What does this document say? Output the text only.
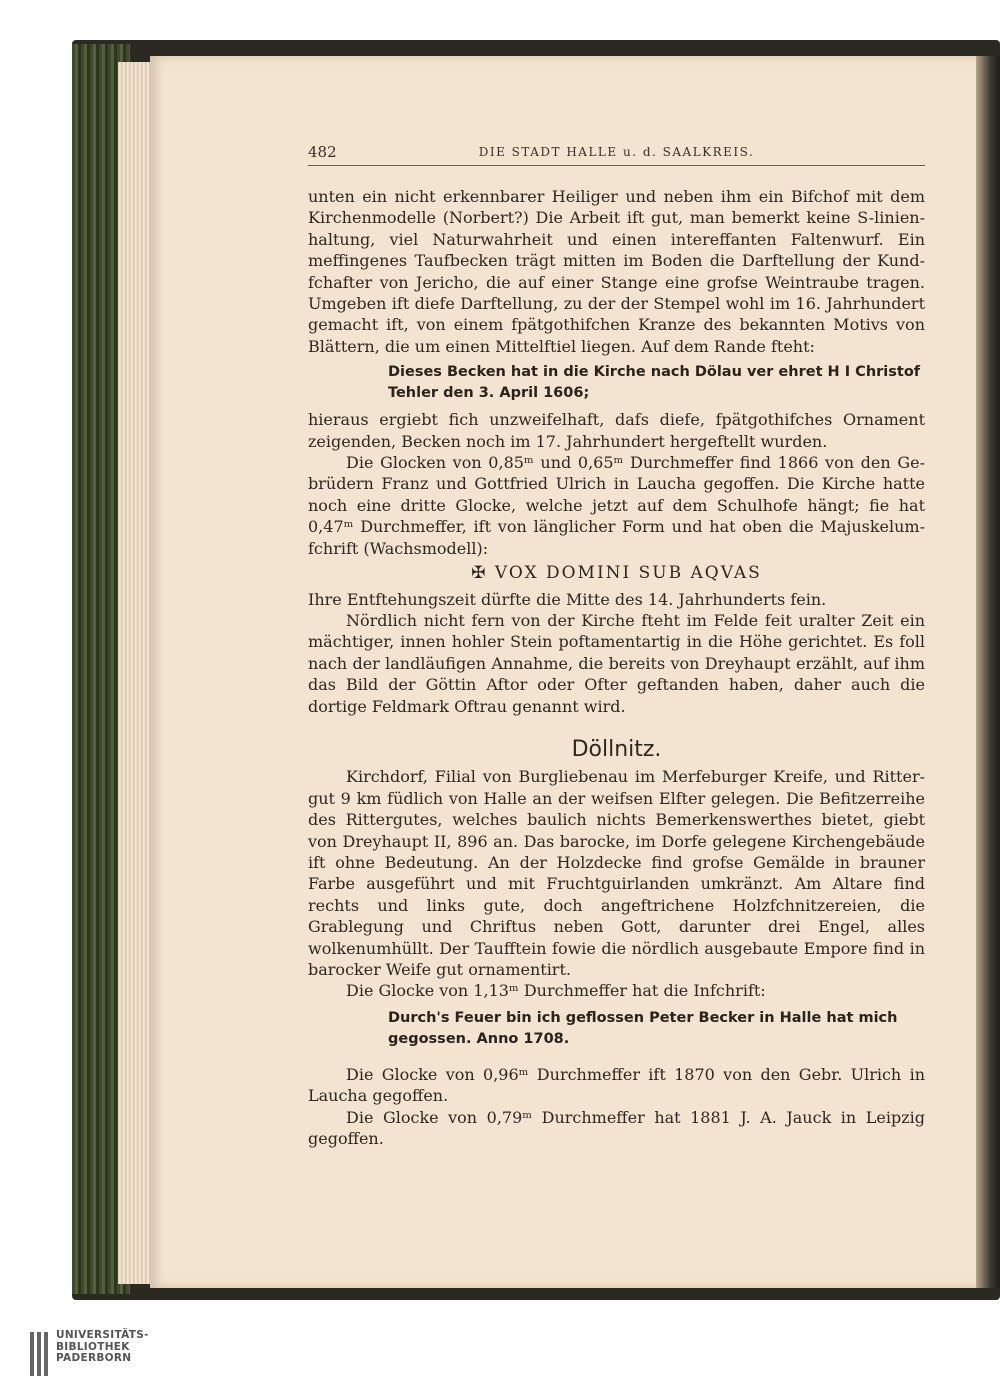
482	DIE STADT HALLE u. d. SAALKREIS.

unten ein nicht erkennbarer Heiliger und neben ihm ein Bifchof mit dem Kirchenmodelle (Norbert?) Die Arbeit ift gut, man bemerkt keine S-linien-haltung, viel Naturwahrheit und einen intereffanten Faltenwurf. Ein meffingenes Taufbecken trägt mitten im Boden die Darftellung der Kund-fchafter von Jericho, die auf einer Stange eine grofse Weintraube tragen. Umgeben ift diefe Darftellung, zu der der Stempel wohl im 16. Jahrhundert gemacht ift, von einem fpätgothifchen Kranze des bekannten Motivs von Blättern, die um einen Mittelftiel liegen. Auf dem Rande fteht:

Dieses Becken hat in die Kirche nach Dölau ver ehret H I Christof Tehler den 3. April 1606;

hieraus ergiebt fich unzweifelhaft, dafs diefe, fpätgothifches Ornament zeigenden, Becken noch im 17. Jahrhundert hergeftellt wurden.

Die Glocken von 0,85ᵐ und 0,65ᵐ Durchmeffer find 1866 von den Ge-brüdern Franz und Gottfried Ulrich in Laucha gegoffen. Die Kirche hatte noch eine dritte Glocke, welche jetzt auf dem Schulhofe hängt; fie hat 0,47ᵐ Durchmeffer, ift von länglicher Form und hat oben die Majuskelum-fchrift (Wachsmodell):

✠ VOX DOMINI SUB AQVAS

Ihre Entftehungszeit dürfte die Mitte des 14. Jahrhunderts fein.

Nördlich nicht fern von der Kirche fteht im Felde feit uralter Zeit ein mächtiger, innen hohler Stein poftamentartig in die Höhe gerichtet. Es foll nach der landläufigen Annahme, die bereits von Dreyhaupt erzählt, auf ihm das Bild der Göttin Aftor oder Ofter geftanden haben, daher auch die dortige Feldmark Oftrau genannt wird.

Döllnitz.

Kirchdorf, Filial von Burgliebenau im Merfeburger Kreife, und Ritter-gut 9 km füdlich von Halle an der weifsen Elfter gelegen. Die Befitzerreihe des Rittergutes, welches baulich nichts Bemerkenswerthes bietet, giebt von Dreyhaupt II, 896 an. Das barocke, im Dorfe gelegene Kirchengebäude ift ohne Bedeutung. An der Holzdecke find grofse Gemälde in brauner Farbe ausgeführt und mit Fruchtguirlanden umkränzt. Am Altare find rechts und links gute, doch angeftrichene Holzfchnitzereien, die Grablegung und Chriftus neben Gott, darunter drei Engel, alles wolkenumhüllt. Der Taufftein fowie die nördlich ausgebaute Empore find in barocker Weife gut ornamentirt.

Die Glocke von 1,13ᵐ Durchmeffer hat die Infchrift:

Durch's Feuer bin ich geflossen Peter Becker in Halle hat mich gegossen. Anno 1708.

Die Glocke von 0,96ᵐ Durchmeffer ift 1870 von den Gebr. Ulrich in Laucha gegoffen.

Die Glocke von 0,79ᵐ Durchmeffer hat 1881 J. A. Jauck in Leipzig gegoffen.

UNIVERSITÄTS-
BIBLIOTHEK
PADERBORN
